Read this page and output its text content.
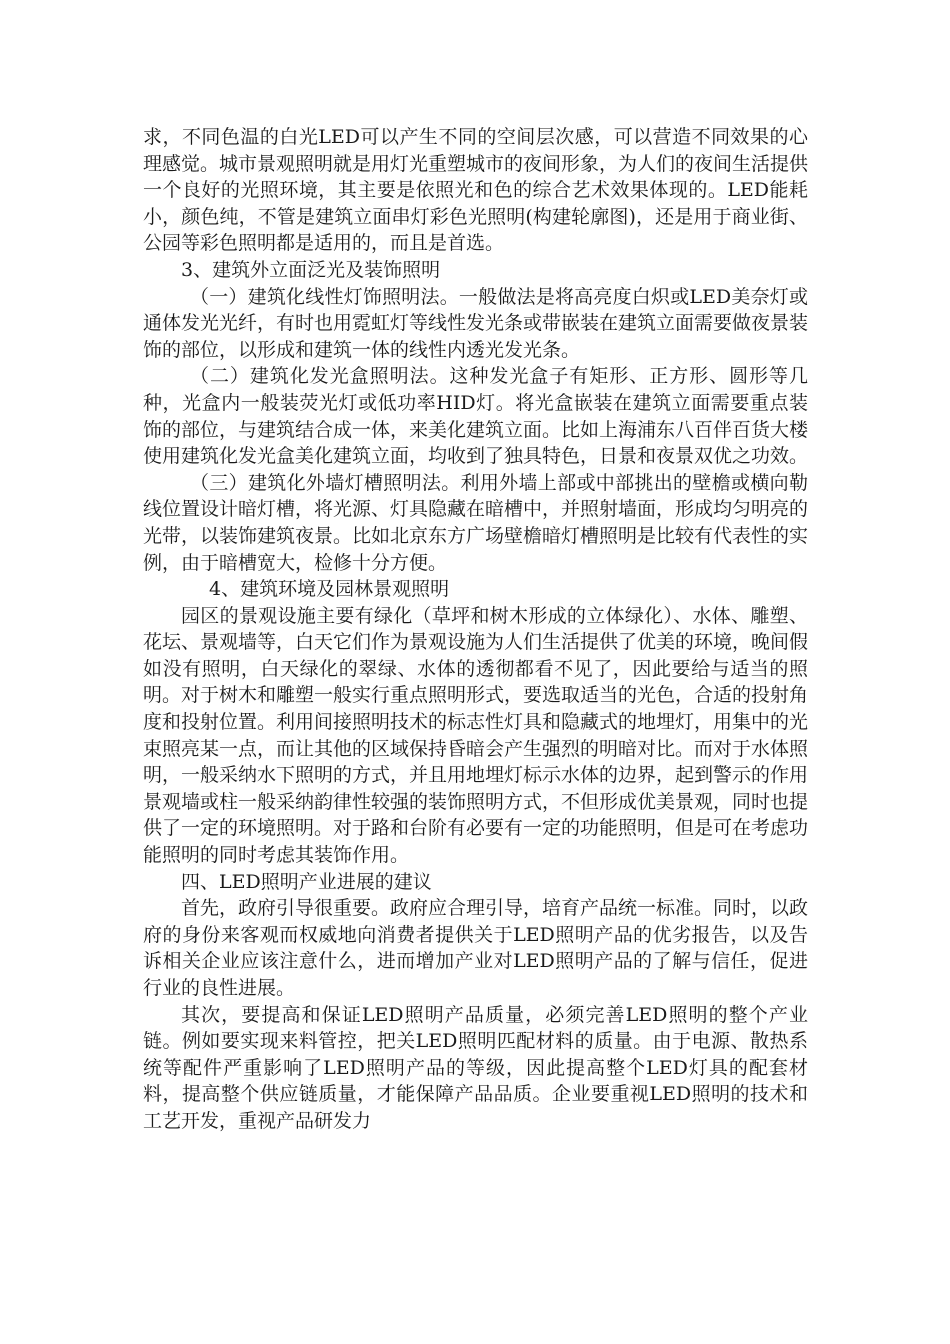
求，不同色温的白光LED可以产生不同的空间层次感，可以营造不同效果的心理感觉。城市景观照明就是用灯光重塑城市的夜间形象，为人们的夜间生活提供一个良好的光照环境，其主要是依照光和色的综合艺术效果体现的。LED能耗小，颜色纯，不管是建筑立面串灯彩色光照明(构建轮廓图)，还是用于商业街、公园等彩色照明都是适用的，而且是首选。

3、建筑外立面泛光及装饰照明

（一）建筑化线性灯饰照明法。一般做法是将高亮度白炽或LED美奈灯或通体发光光纤，有时也用霓虹灯等线性发光条或带嵌装在建筑立面需要做夜景装饰的部位，以形成和建筑一体的线性内透光发光条。

（二）建筑化发光盒照明法。这种发光盒子有矩形、正方形、圆形等几种，光盒内一般装荧光灯或低功率HID灯。将光盒嵌装在建筑立面需要重点装饰的部位，与建筑结合成一体，来美化建筑立面。比如上海浦东八百伴百货大楼使用建筑化发光盒美化建筑立面，均收到了独具特色，日景和夜景双优之功效。

（三）建筑化外墙灯槽照明法。利用外墙上部或中部挑出的壁檐或横向勒线位置设计暗灯槽，将光源、灯具隐藏在暗槽中，并照射墙面，形成均匀明亮的光带，以装饰建筑夜景。比如北京东方广场壁檐暗灯槽照明是比较有代表性的实例，由于暗槽宽大，检修十分方便。

4、建筑环境及园林景观照明

园区的景观设施主要有绿化（草坪和树木形成的立体绿化）、水体、雕塑、花坛、景观墙等，白天它们作为景观设施为人们生活提供了优美的环境，晚间假如没有照明，白天绿化的翠绿、水体的透彻都看不见了，因此要给与适当的照明。对于树木和雕塑一般实行重点照明形式，要选取适当的光色，合适的投射角度和投射位置。利用间接照明技术的标志性灯具和隐藏式的地埋灯，用集中的光束照亮某一点，而让其他的区域保持昏暗会产生强烈的明暗对比。而对于水体照明，一般采纳水下照明的方式，并且用地埋灯标示水体的边界，起到警示的作用景观墙或柱一般采纳韵律性较强的装饰照明方式，不但形成优美景观，同时也提供了一定的环境照明。对于路和台阶有必要有一定的功能照明，但是可在考虑功能照明的同时考虑其装饰作用。

四、LED照明产业进展的建议

首先，政府引导很重要。政府应合理引导，培育产品统一标准。同时，以政府的身份来客观而权威地向消费者提供关于LED照明产品的优劣报告，以及告诉相关企业应该注意什么，进而增加产业对LED照明产品的了解与信任，促进行业的良性进展。

其次，要提高和保证LED照明产品质量，必须完善LED照明的整个产业链。例如要实现来料管控，把关LED照明匹配材料的质量。由于电源、散热系统等配件严重影响了LED照明产品的等级，因此提高整个LED灯具的配套材料，提高整个供应链质量，才能保障产品品质。企业要重视LED照明的技术和工艺开发，重视产品研发力
